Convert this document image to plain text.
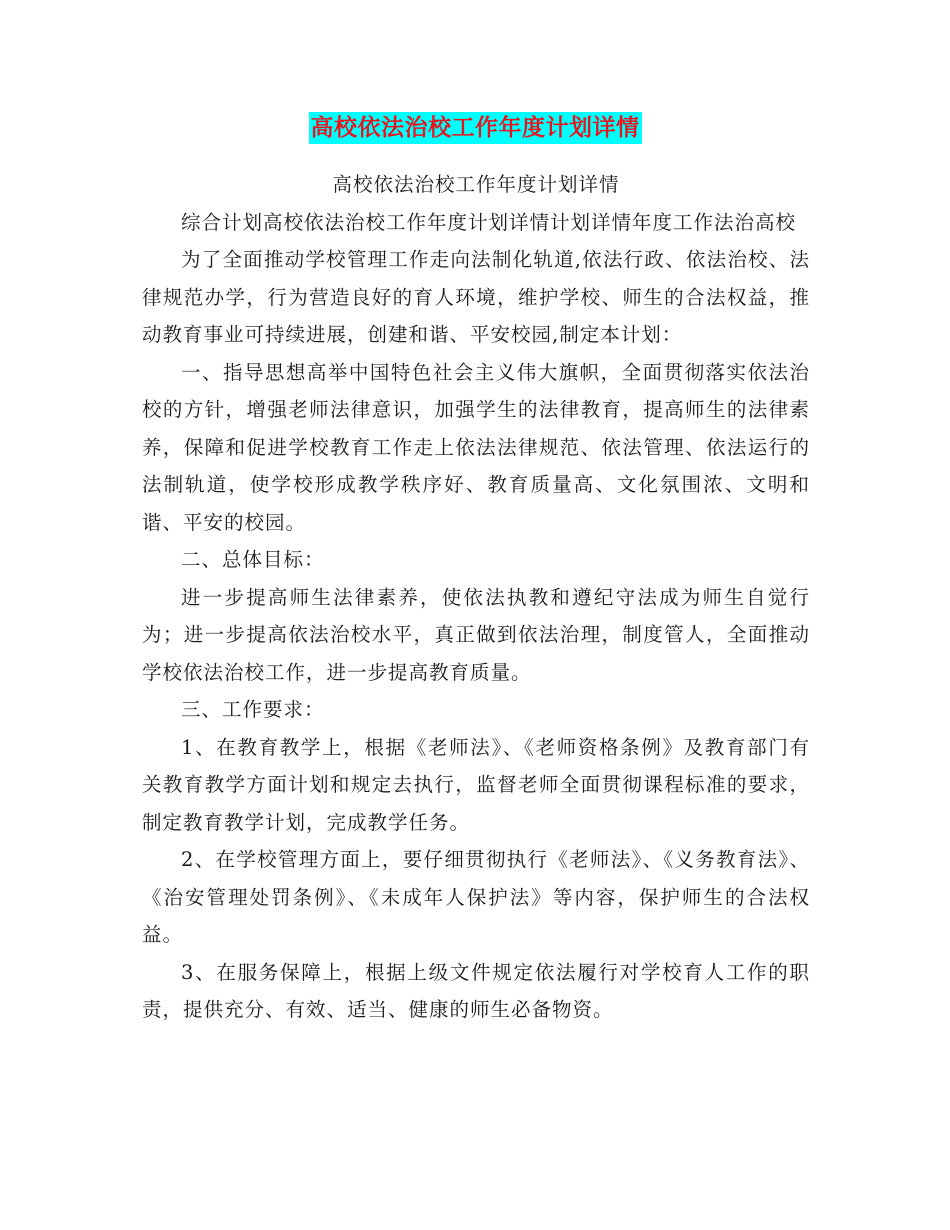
高校依法治校工作年度计划详情
高校依法治校工作年度计划详情

综合计划高校依法治校工作年度计划详情计划详情年度工作法治高校

为了全面推动学校管理工作走向法制化轨道,依法行政、依法治校、法律规范办学，行为营造良好的育人环境，维护学校、师生的合法权益，推动教育事业可持续进展，创建和谐、平安校园,制定本计划：

一、指导思想高举中国特色社会主义伟大旗帜，全面贯彻落实依法治校的方针，增强老师法律意识，加强学生的法律教育，提高师生的法律素养，保障和促进学校教育工作走上依法法律规范、依法管理、依法运行的法制轨道，使学校形成教学秩序好、教育质量高、文化氛围浓、文明和谐、平安的校园。

二、总体目标：

进一步提高师生法律素养，使依法执教和遵纪守法成为师生自觉行为；进一步提高依法治校水平，真正做到依法治理，制度管人，全面推动学校依法治校工作，进一步提高教育质量。

三、工作要求：

1、在教育教学上，根据《老师法》、《老师资格条例》及教育部门有关教育教学方面计划和规定去执行，监督老师全面贯彻课程标准的要求，制定教育教学计划，完成教学任务。

2、在学校管理方面上，要仔细贯彻执行《老师法》、《义务教育法》、《治安管理处罚条例》、《未成年人保护法》等内容，保护师生的合法权益。

3、在服务保障上，根据上级文件规定依法履行对学校育人工作的职责，提供充分、有效、适当、健康的师生必备物资。
